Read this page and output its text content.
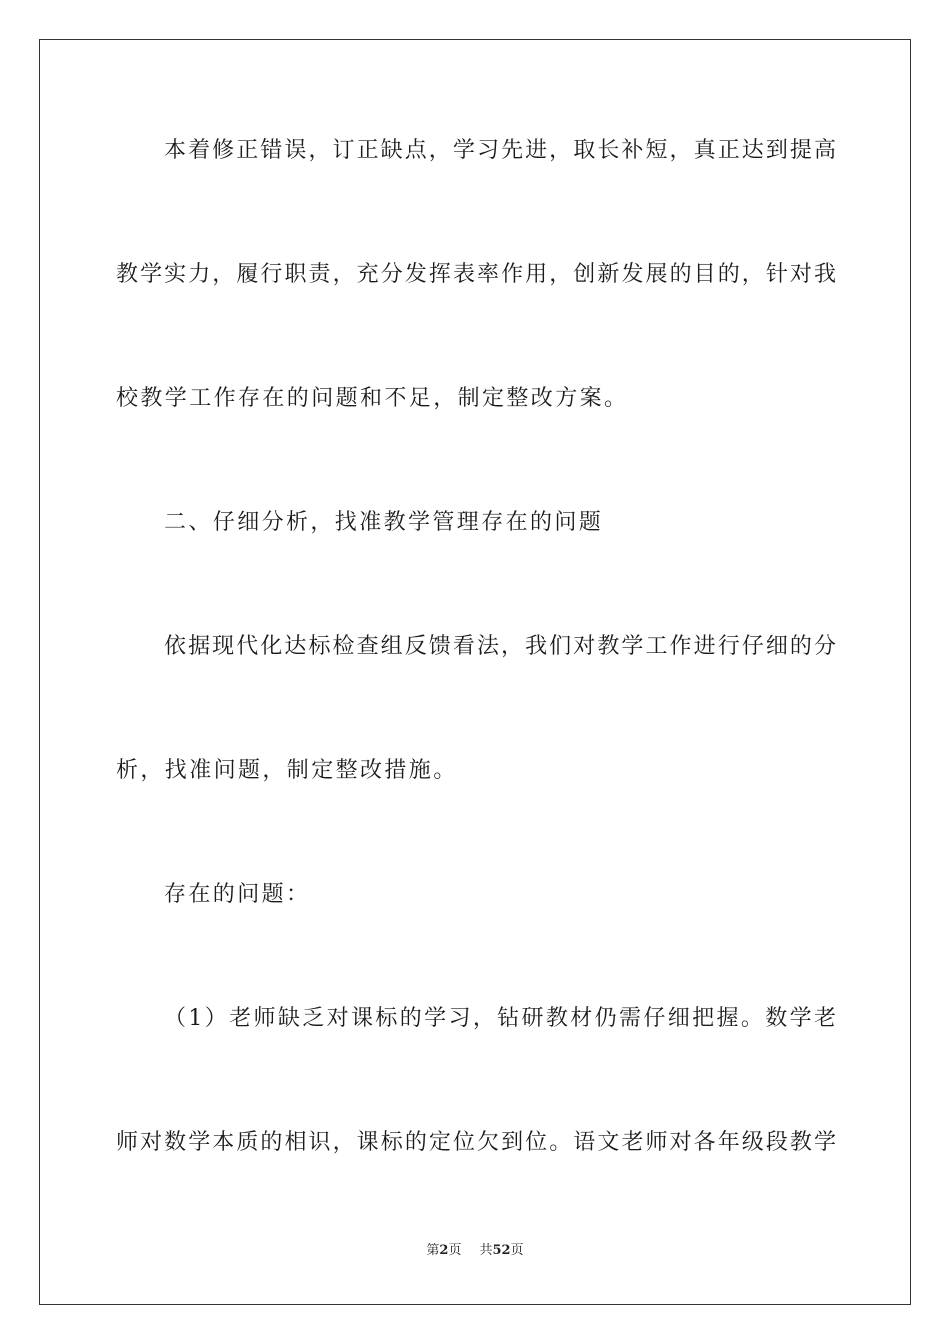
本着修正错误，订正缺点，学习先进，取长补短，真正达到提高
教学实力，履行职责，充分发挥表率作用，创新发展的目的，针对我
校教学工作存在的问题和不足，制定整改方案。
二、仔细分析，找准教学管理存在的问题
依据现代化达标检查组反馈看法，我们对教学工作进行仔细的分
析，找准问题，制定整改措施。
存在的问题：
（1）老师缺乏对课标的学习，钻研教材仍需仔细把握。数学老
师对数学本质的相识，课标的定位欠到位。语文老师对各年级段教学
第2页 共52页
